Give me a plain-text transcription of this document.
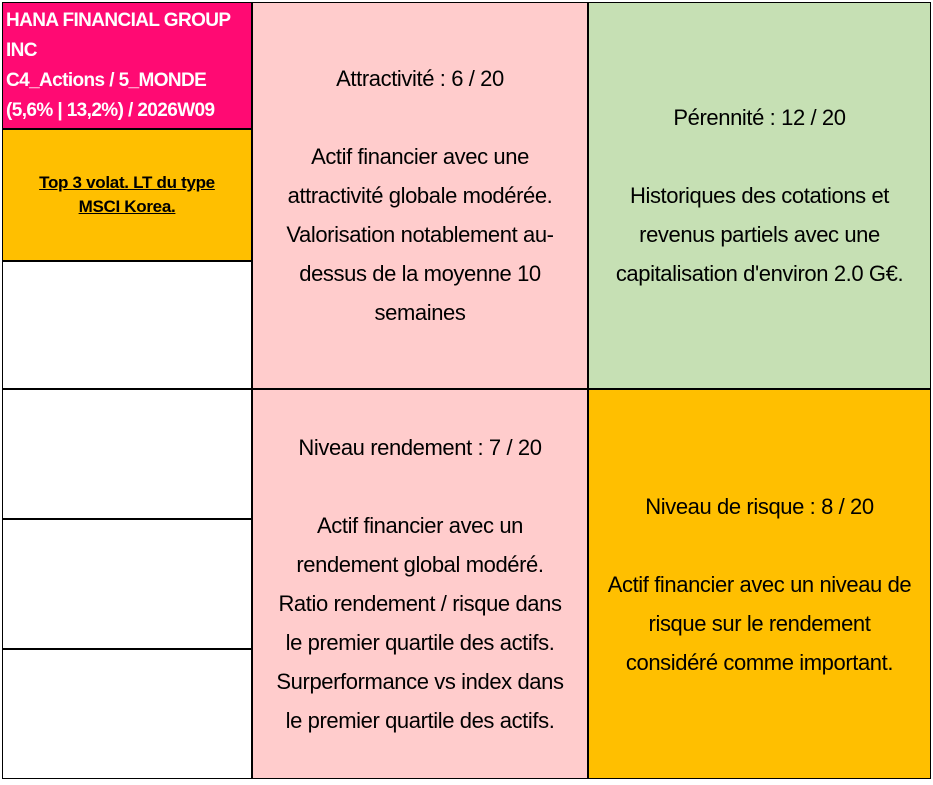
HANA FINANCIAL GROUP
INC
C4_Actions / 5_MONDE
(5,6% | 13,2%) / 2026W09
Top 3 volat. LT du type MSCI Korea.
Attractivité : 6 / 20
Actif financier avec une
attractivité globale modérée.
Valorisation notablement au-
dessus de la moyenne 10
semaines
Pérennité : 12 / 20
Historiques des cotations et
revenus partiels avec une
capitalisation d'environ 2.0 G€.
Niveau rendement : 7 / 20
Actif financier avec un
rendement global modéré.
Ratio rendement / risque dans
le premier quartile des actifs.
Surperformance vs index dans
le premier quartile des actifs.
Niveau de risque : 8 / 20
Actif financier avec un niveau de
risque sur le rendement
considéré comme important.
